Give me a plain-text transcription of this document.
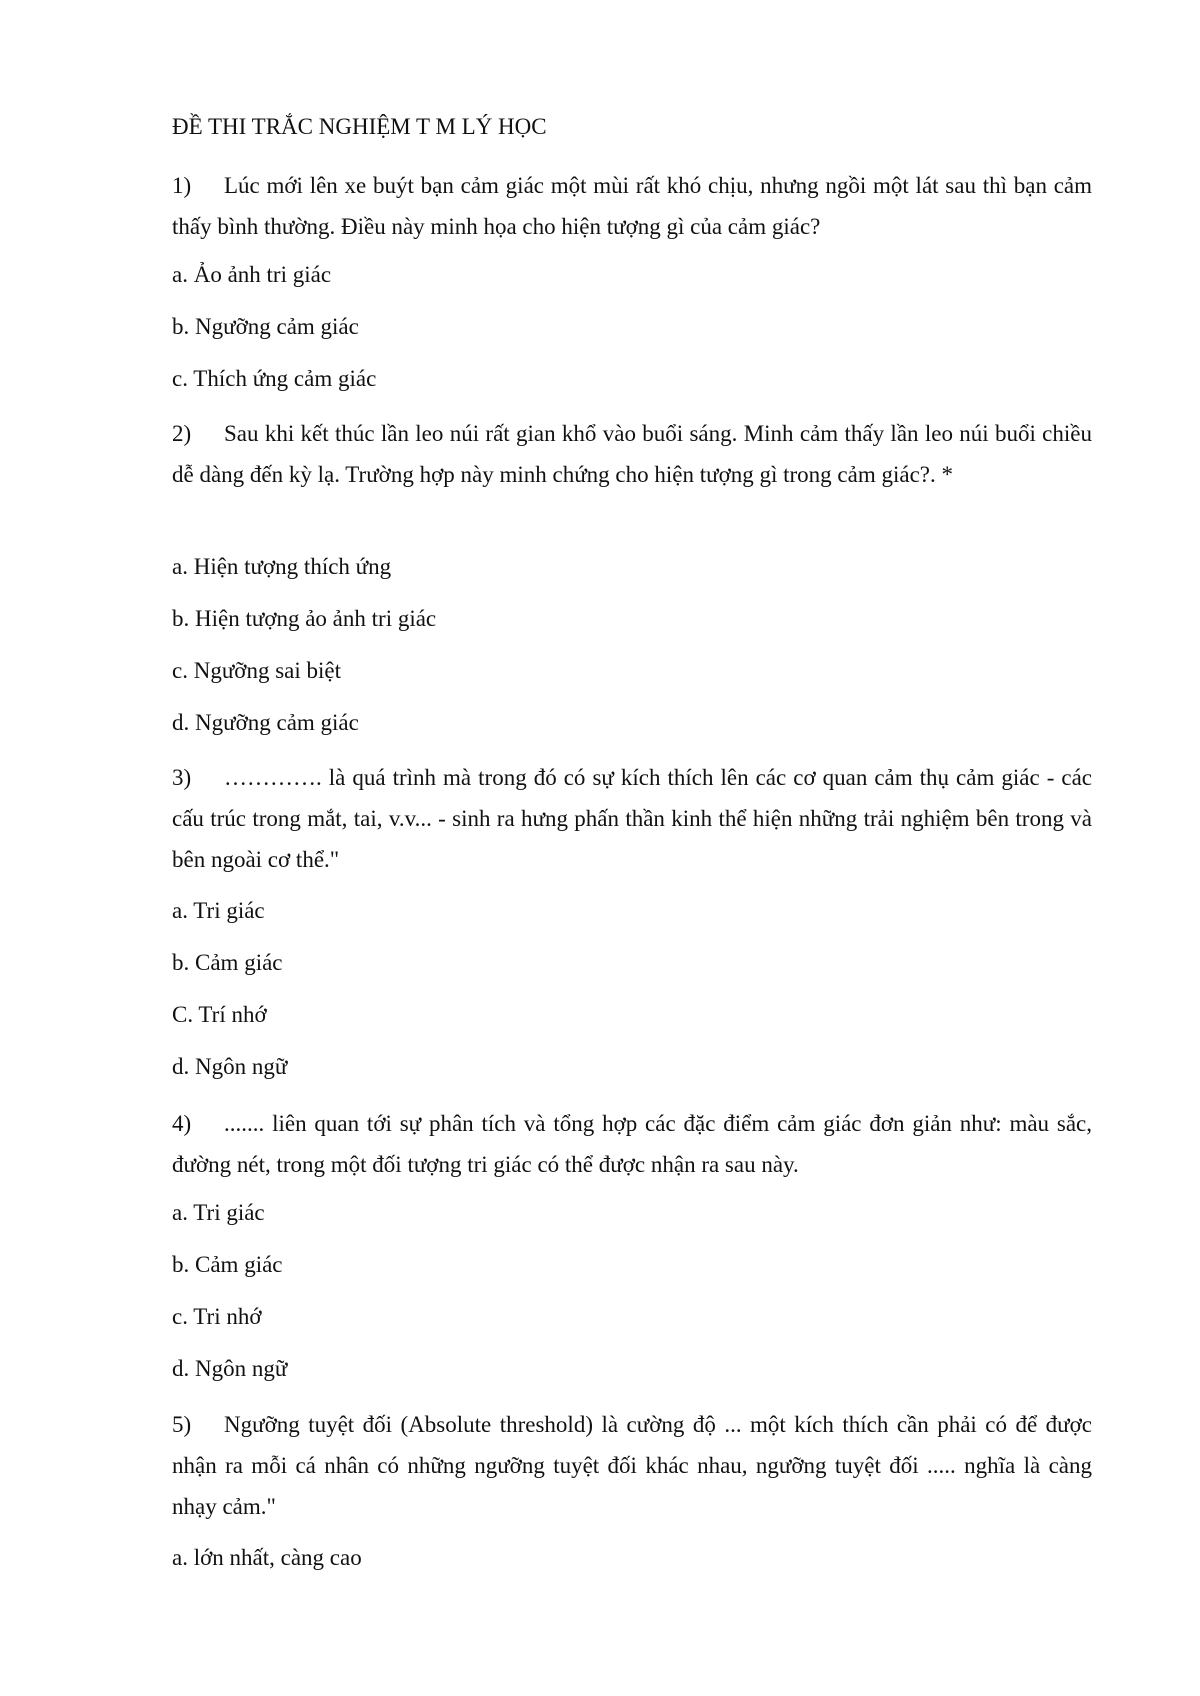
ĐỀ THI TRẮC NGHIỆM T M LÝ HỌC
1) Lúc mới lên xe buýt bạn cảm giác một mùi rất khó chịu, nhưng ngồi một lát sau thì bạn cảm thấy bình thường. Điều này minh họa cho hiện tượng gì của cảm giác?
a. Ảo ảnh tri giác
b. Ngưỡng cảm giác
c. Thích ứng cảm giác
2) Sau khi kết thúc lần leo núi rất gian khổ vào buổi sáng. Minh cảm thấy lần leo núi buổi chiều dễ dàng đến kỳ lạ. Trường hợp này minh chứng cho hiện tượng gì trong cảm giác?. *
a. Hiện tượng thích ứng
b. Hiện tượng ảo ảnh tri giác
c. Ngưỡng sai biệt
d. Ngưỡng cảm giác
3) …………. là quá trình mà trong đó có sự kích thích lên các cơ quan cảm thụ cảm giác - các cấu trúc trong mắt, tai, v.v... - sinh ra hưng phấn thần kinh thể hiện những trải nghiệm bên trong và bên ngoài cơ thể."
a. Tri giác
b. Cảm giác
C. Trí nhớ
d. Ngôn ngữ
4) ....... liên quan tới sự phân tích và tổng hợp các đặc điểm cảm giác đơn giản như: màu sắc, đường nét, trong một đối tượng tri giác có thể được nhận ra sau này.
a. Tri giác
b. Cảm giác
c. Tri nhớ
d. Ngôn ngữ
5) Ngưỡng tuyệt đối (Absolute threshold) là cường độ ... một kích thích cần phải có để được nhận ra mỗi cá nhân có những ngưỡng tuyệt đối khác nhau, ngưỡng tuyệt đối ..... nghĩa là càng nhạy cảm."
a. lớn nhất, càng cao
